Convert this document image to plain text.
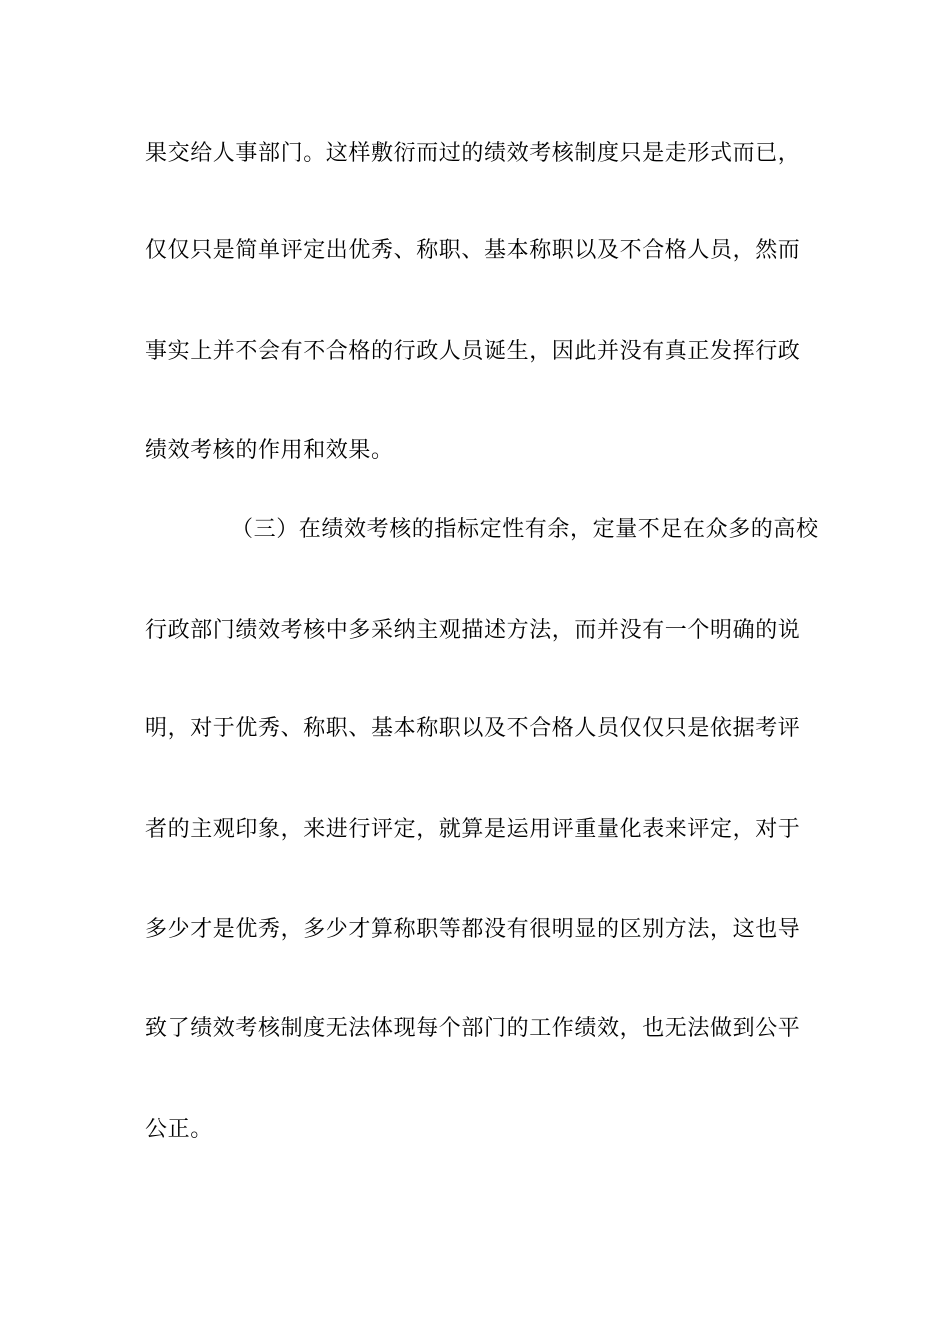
果交给人事部门。这样敷衍而过的绩效考核制度只是走形式而已，
仅仅只是简单评定出优秀、称职、基本称职以及不合格人员，然而
事实上并不会有不合格的行政人员诞生，因此并没有真正发挥行政
绩效考核的作用和效果。
（三）在绩效考核的指标定性有余，定量不足在众多的高校
行政部门绩效考核中多采纳主观描述方法，而并没有一个明确的说
明，对于优秀、称职、基本称职以及不合格人员仅仅只是依据考评
者的主观印象，来进行评定，就算是运用评重量化表来评定，对于
多少才是优秀，多少才算称职等都没有很明显的区别方法，这也导
致了绩效考核制度无法体现每个部门的工作绩效，也无法做到公平
公正。
